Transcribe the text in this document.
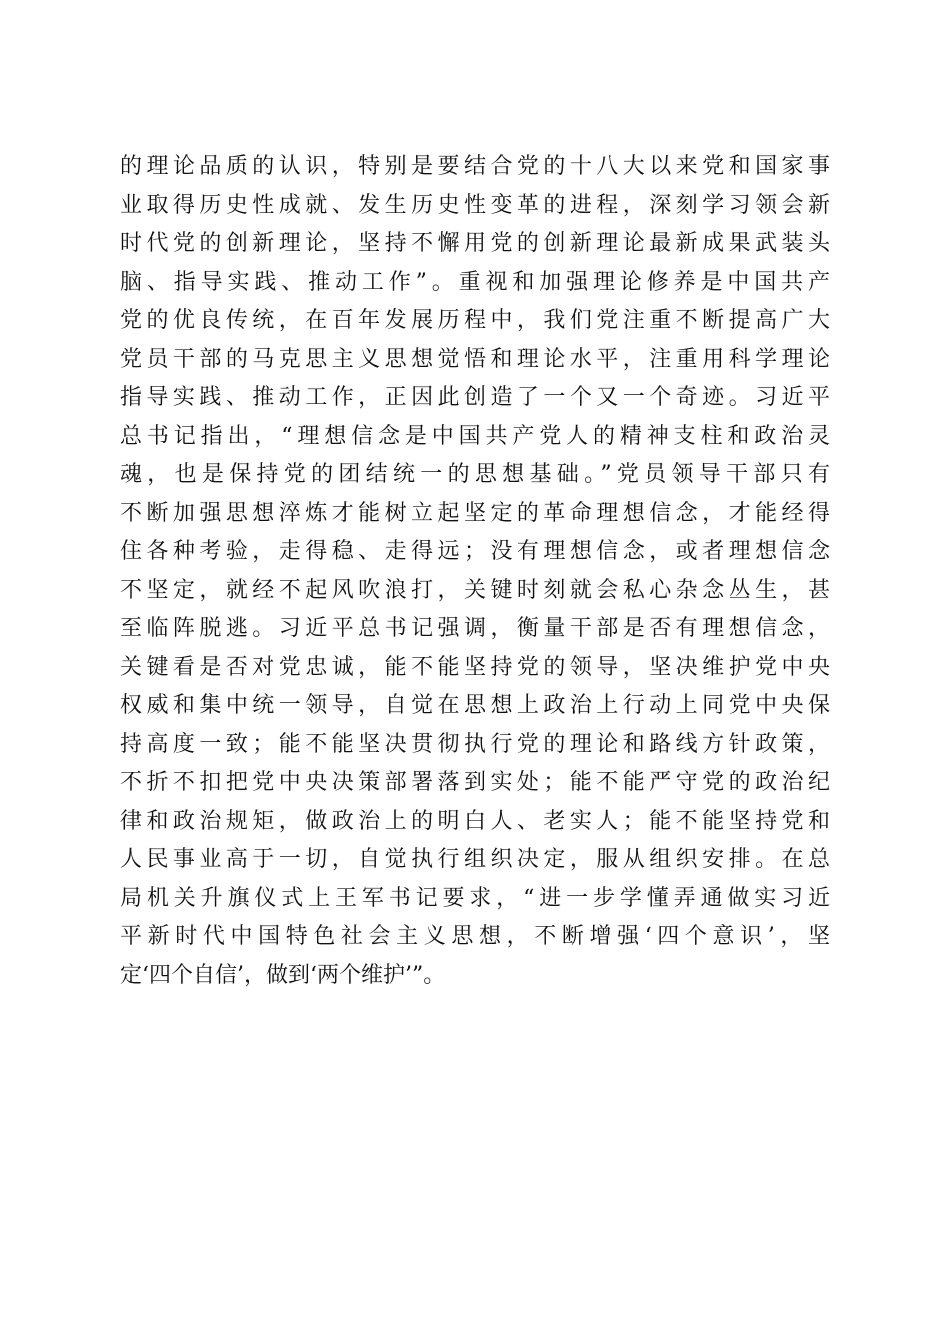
的理论品质的认识，特别是要结合党的十八大以来党和国家事
业取得历史性成就、发生历史性变革的进程，深刻学习领会新
时代党的创新理论，坚持不懈用党的创新理论最新成果武装头
脑、指导实践、推动工作”。重视和加强理论修养是中国共产
党的优良传统，在百年发展历程中，我们党注重不断提高广大
党员干部的马克思主义思想觉悟和理论水平，注重用科学理论
指导实践、推动工作，正因此创造了一个又一个奇迹。习近平
总书记指出，“理想信念是中国共产党人的精神支柱和政治灵
魂，也是保持党的团结统一的思想基础。”党员领导干部只有
不断加强思想淬炼才能树立起坚定的革命理想信念，才能经得
住各种考验，走得稳、走得远；没有理想信念，或者理想信念
不坚定，就经不起风吹浪打，关键时刻就会私心杂念丛生，甚
至临阵脱逃。习近平总书记强调，衡量干部是否有理想信念，
关键看是否对党忠诚，能不能坚持党的领导，坚决维护党中央
权威和集中统一领导，自觉在思想上政治上行动上同党中央保
持高度一致；能不能坚决贯彻执行党的理论和路线方针政策，
不折不扣把党中央决策部署落到实处；能不能严守党的政治纪
律和政治规矩，做政治上的明白人、老实人；能不能坚持党和
人民事业高于一切，自觉执行组织决定，服从组织安排。在总
局机关升旗仪式上王军书记要求，“进一步学懂弄通做实习近
平新时代中国特色社会主义思想，不断增强‘四个意识’，坚
定‘四个自信’，做到‘两个维护’”。
